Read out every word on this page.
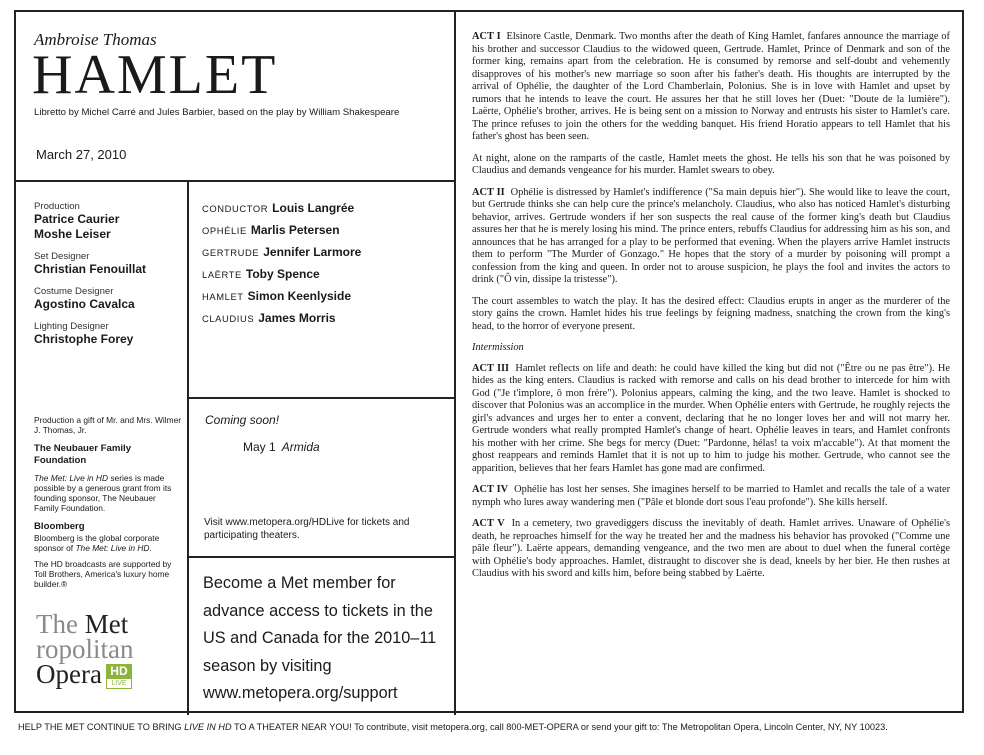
Ambroise Thomas
HAMLET
Libretto by Michel Carré and Jules Barbier, based on the play by William Shakespeare
March 27, 2010
Production
Patrice Caurier
Moshe Leiser
Set Designer
Christian Fenouillat
Costume Designer
Agostino Cavalca
Lighting Designer
Christophe Forey
CONDUCTOR Louis Langrée
OPHÉLIE Marlis Petersen
GERTRUDE Jennifer Larmore
LAËRTE Toby Spence
HAMLET Simon Keenlyside
CLAUDIUS James Morris
Production a gift of Mr. and Mrs. Wilmer J. Thomas, Jr.
The Neubauer Family Foundation
The Met: Live in HD series is made possible by a generous grant from its founding sponsor, The Neubauer Family Foundation.
Bloomberg
Bloomberg is the global corporate sponsor of The Met: Live in HD.
The HD broadcasts are supported by Toll Brothers, America's luxury home builder.®
The Met
ropolitan
Opera HD
LIVE
Coming soon!
May 1 Armida
Visit www.metopera.org/HDLive for tickets and participating theaters.
Become a Met member for advance access to tickets in the US and Canada for the 2010–11 season by visiting www.metopera.org/support

ACT I Elsinore Castle, Denmark. Two months after the death of King Hamlet, fanfares announce the marriage of his brother and successor Claudius to the widowed queen, Gertrude. Hamlet, Prince of Denmark and son of the former king, remains apart from the celebration. He is consumed by remorse and self-doubt and vehemently disapproves of his mother's new marriage so soon after his father's death. His thoughts are interrupted by the arrival of Ophélie, the daughter of the Lord Chamberlain, Polonius. She is in love with Hamlet and upset by rumors that he intends to leave the court. He assures her that he still loves her (Duet: "Doute de la lumière"). Laërte, Ophélie's brother, arrives. He is being sent on a mission to Norway and entrusts his sister to Hamlet's care. The prince refuses to join the others for the wedding banquet. His friend Horatio appears to tell Hamlet that his father's ghost has been seen.

At night, alone on the ramparts of the castle, Hamlet meets the ghost. He tells his son that he was poisoned by Claudius and demands vengeance for his murder. Hamlet swears to obey.

ACT II Ophélie is distressed by Hamlet's indifference ("Sa main depuis hier"). She would like to leave the court, but Gertrude thinks she can help cure the prince's melancholy. Claudius, who also has noticed Hamlet's disturbing behavior, arrives. Gertrude wonders if her son suspects the real cause of the former king's death but Claudius assures her that he is merely losing his mind. The prince enters, rebuffs Claudius for addressing him as his son, and announces that he has arranged for a play to be performed that evening. When the players arrive Hamlet instructs them to perform "The Murder of Gonzago." He hopes that the story of a murder by poisoning will prompt a confession from the king and queen. In order not to arouse suspicion, he plays the fool and invites the actors to drink ("Ô vin, dissipe la tristesse").

The court assembles to watch the play. It has the desired effect: Claudius erupts in anger as the murderer of the story gains the crown. Hamlet hides his true feelings by feigning madness, snatching the crown from the king's head, to the horror of everyone present.

Intermission

ACT III Hamlet reflects on life and death: he could have killed the king but did not ("Être ou ne pas être"). He hides as the king enters. Claudius is racked with remorse and calls on his dead brother to intercede for him with God ("Je t'implore, ô mon frère"). Polonius appears, calming the king, and the two leave. Hamlet is shocked to discover that Polonius was an accomplice in the murder. When Ophélie enters with Gertrude, he roughly rejects the girl's advances and urges her to enter a convent, declaring that he no longer loves her and will not marry her. Gertrude wonders what really prompted Hamlet's change of heart. Ophélie leaves in tears, and Hamlet confronts his mother with her crime. She begs for mercy (Duet: "Pardonne, hélas! ta voix m'accable"). At that moment the ghost reappears and reminds Hamlet that it is not up to him to judge his mother. Gertrude, who cannot see the apparition, believes that her fears Hamlet has gone mad are confirmed.

ACT IV Ophélie has lost her senses. She imagines herself to be married to Hamlet and recalls the tale of a water nymph who lures away wandering men ("Pâle et blonde dort sous l'eau profonde"). She kills herself.

ACT V In a cemetery, two gravediggers discuss the inevitably of death. Hamlet arrives. Unaware of Ophélie's death, he reproaches himself for the way he treated her and the madness his behavior has provoked ("Comme une pâle fleur"). Laërte appears, demanding vengeance, and the two men are about to duel when the funeral cortège with Ophélie's body approaches. Hamlet, distraught to discover she is dead, kneels by her bier. He then rushes at Claudius with his sword and kills him, before being stabbed by Laërte.

HELP THE MET CONTINUE TO BRING LIVE IN HD TO A THEATER NEAR YOU! To contribute, visit metopera.org, call 800-MET-OPERA or send your gift to: The Metropolitan Opera, Lincoln Center, NY, NY 10023.
